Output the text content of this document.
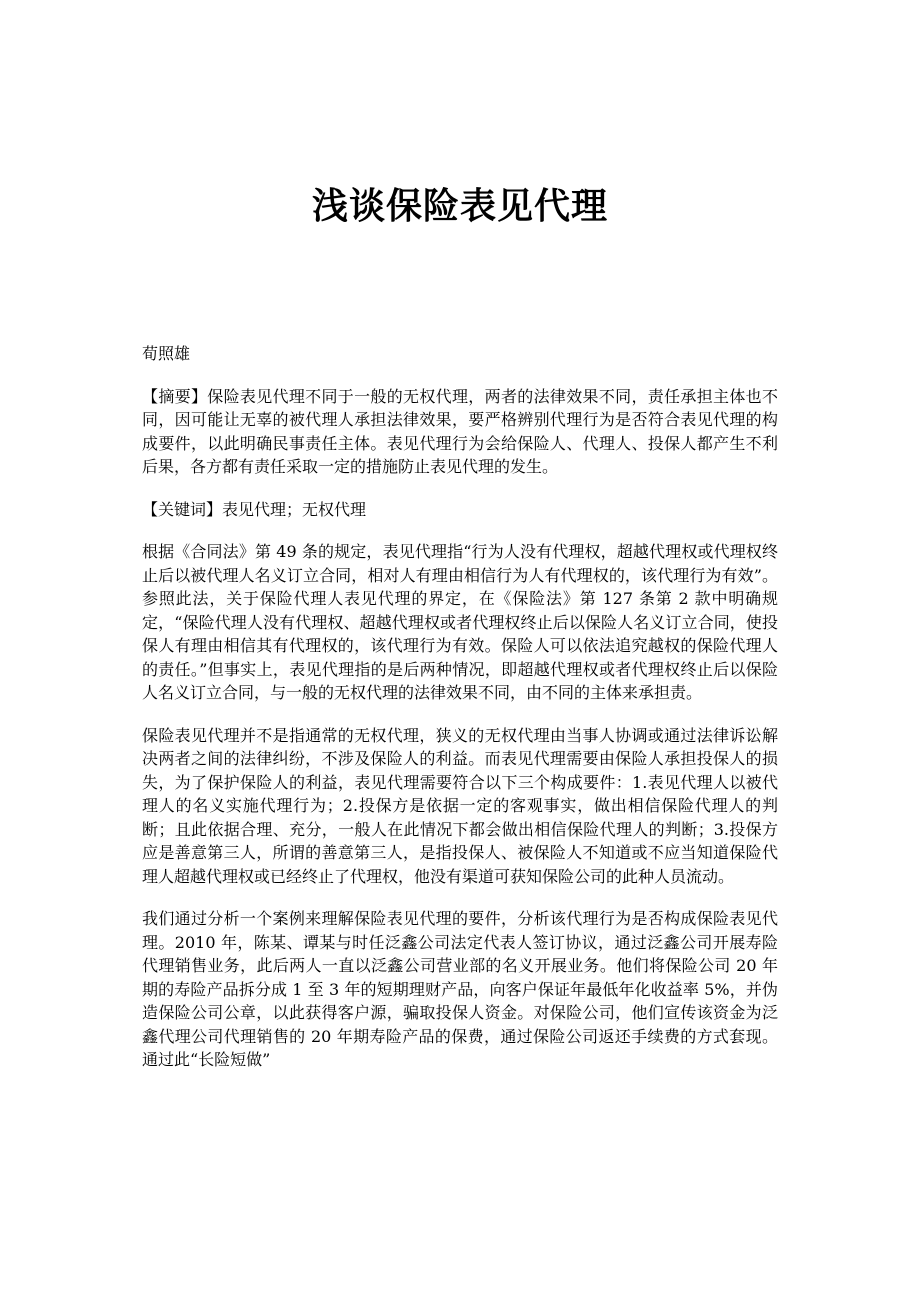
浅谈保险表见代理

荀照雄

【摘要】保险表见代理不同于一般的无权代理，两者的法律效果不同，责任承担主体也不同，因可能让无辜的被代理人承担法律效果，要严格辨别代理行为是否符合表见代理的构成要件，以此明确民事责任主体。表见代理行为会给保险人、代理人、投保人都产生不利后果，各方都有责任采取一定的措施防止表见代理的发生。

【关键词】表见代理；无权代理

根据《合同法》第 49 条的规定，表见代理指“行为人没有代理权，超越代理权或代理权终止后以被代理人名义订立合同，相对人有理由相信行为人有代理权的，该代理行为有效”。参照此法，关于保险代理人表见代理的界定，在《保险法》第 127 条第 2 款中明确规定，“保险代理人没有代理权、超越代理权或者代理权终止后以保险人名义订立合同，使投保人有理由相信其有代理权的，该代理行为有效。保险人可以依法追究越权的保险代理人的责任。”但事实上，表见代理指的是后两种情况，即超越代理权或者代理权终止后以保险人名义订立合同，与一般的无权代理的法律效果不同，由不同的主体来承担责。

保险表见代理并不是指通常的无权代理，狭义的无权代理由当事人协调或通过法律诉讼解决两者之间的法律纠纷，不涉及保险人的利益。而表见代理需要由保险人承担投保人的损失，为了保护保险人的利益，表见代理需要符合以下三个构成要件：1.表见代理人以被代理人的名义实施代理行为；2.投保方是依据一定的客观事实，做出相信保险代理人的判断；且此依据合理、充分，一般人在此情况下都会做出相信保险代理人的判断；3.投保方应是善意第三人，所谓的善意第三人，是指投保人、被保险人不知道或不应当知道保险代理人超越代理权或已经终止了代理权，他没有渠道可获知保险公司的此种人员流动。

我们通过分析一个案例来理解保险表见代理的要件，分析该代理行为是否构成保险表见代理。2010 年，陈某、谭某与时任泛鑫公司法定代表人签订协议，通过泛鑫公司开展寿险代理销售业务，此后两人一直以泛鑫公司营业部的名义开展业务。他们将保险公司 20 年期的寿险产品拆分成 1 至 3 年的短期理财产品，向客户保证年最低年化收益率 5%，并伪造保险公司公章，以此获得客户源，骗取投保人资金。对保险公司，他们宣传该资金为泛鑫代理公司代理销售的 20 年期寿险产品的保费，通过保险公司返还手续费的方式套现。通过此“长险短做”
